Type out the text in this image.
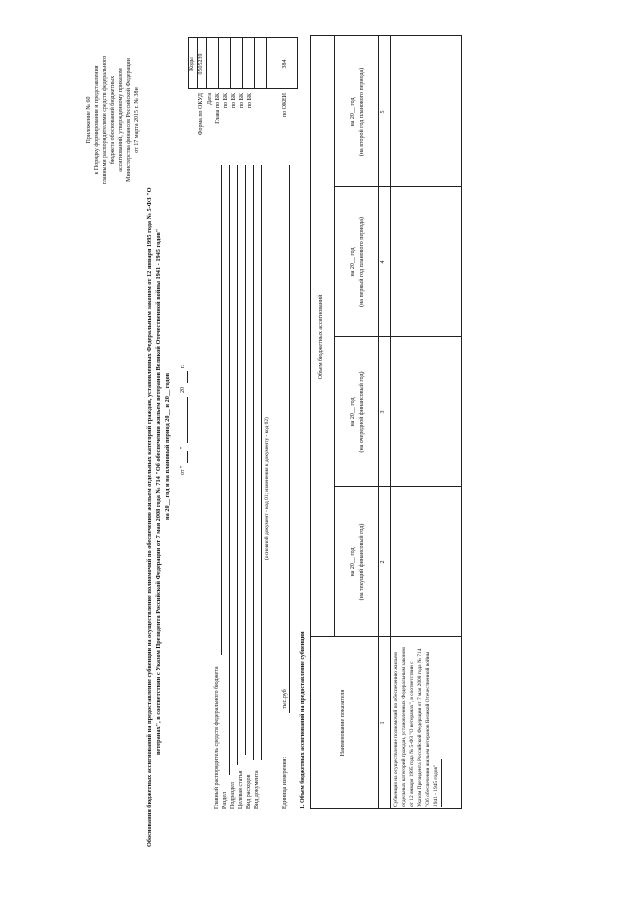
Приложение № 60 к Порядку формирования и представления главными распорядителями средств федерального бюджета обоснований бюджетных ассигнований, утвержденному приказом Министерства финансов Российской Федерации от 17 марта 2015 г. № 38н
Обоснования бюджетных ассигнований на предоставление субвенции на осуществление полномочий по обеспечению жильем отдельных категорий граждан, установленных Федеральным законом от 12 января 1995 года № 5-ФЗ "О ветеранах", в соответствии с Указом Президента Российской Федерации от 7 мая 2008 года № 714 "Об обеспечении жильем ветеранов Великой Отечественной войны 1941 - 1945 годов" на 20__ год и на плановый период 20__ и 20__ годов от "
"
20
г.
Коды 0505239
Форма по ОКУД Дата Глава по БК по БК по БК по БК по БК	по ОКЕИ
384
Главный распорядитель средств федерального бюджета Раздел Подраздел Целевая статья Вид расходов Вид документа
(основной документ - код 01; изменения к документу - код 02)
Единица измерения:
тыс.руб 1. Объем бюджетных ассигнований на предоставление субвенции	Наименование показателя
Объем бюджетных ассигнований
на 20__ год (на текущий финансовый год)
на 20__ год (на очередной финансовый год)
на 20__ год (на первый год планового периода)
на 20__ год (на второй год планового периода)
1
2
3
4
5
Субвенция на осуществление полномочий по обеспечению жильем отдельных категорий граждан, установленных Федеральным законом от 12 января 1995 года № 5-ФЗ "О ветеранах", в соответствии с Указом Президента Российской Федерации от 7 мая 2008 года № 714 "Об обеспечении жильем ветеранов Великой Отечественной войны 1941 - 1945 годов"
